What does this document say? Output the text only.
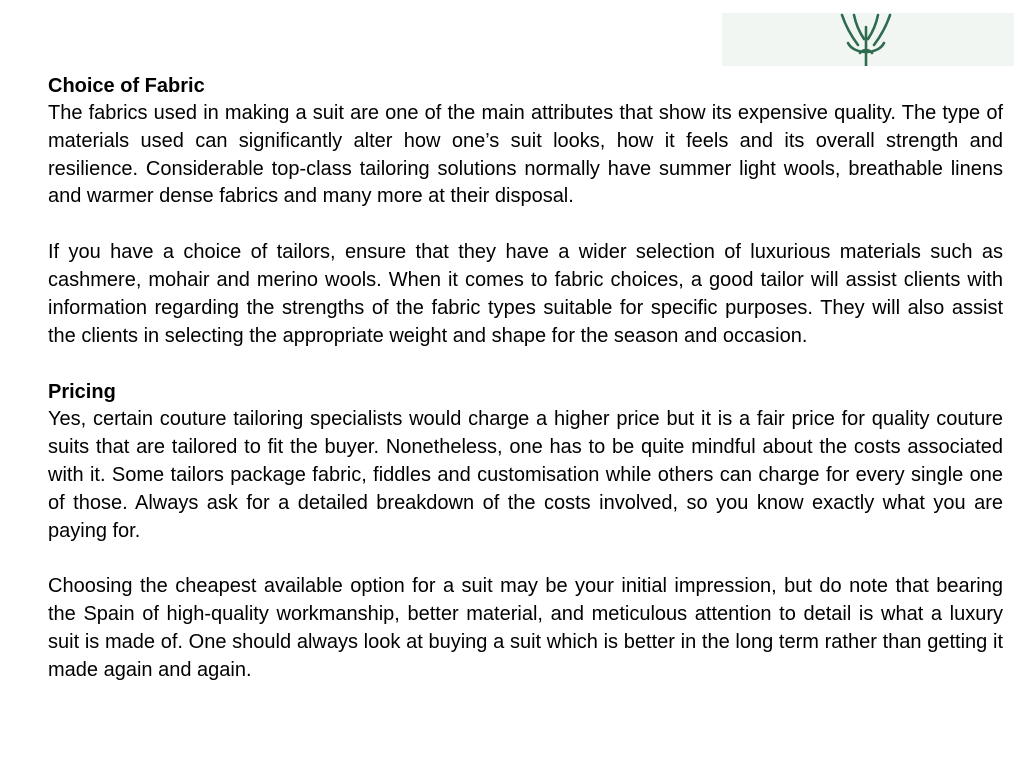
Choice of Fabric

The fabrics used in making a suit are one of the main attributes that show its expensive quality. The type of materials used can significantly alter how one’s suit looks, how it feels and its overall strength and resilience. Considerable top-class tailoring solutions normally have summer light wools, breathable linens and warmer dense fabrics and many more at their disposal.

If you have a choice of tailors, ensure that they have a wider selection of luxurious materials such as cashmere, mohair and merino wools. When it comes to fabric choices, a good tailor will assist clients with information regarding the strengths of the fabric types suitable for specific purposes. They will also assist the clients in selecting the appropriate weight and shape for the season and occasion.

Pricing

Yes, certain couture tailoring specialists would charge a higher price but it is a fair price for quality couture suits that are tailored to fit the buyer. Nonetheless, one has to be quite mindful about the costs associated with it. Some tailors package fabric, fiddles and customisation while others can charge for every single one of those. Always ask for a detailed breakdown of the costs involved, so you know exactly what you are paying for.

Choosing the cheapest available option for a suit may be your initial impression, but do note that bearing the Spain of high-quality workmanship, better material, and meticulous attention to detail is what a luxury suit is made of. One should always look at buying a suit which is better in the long term rather than getting it made again and again.
